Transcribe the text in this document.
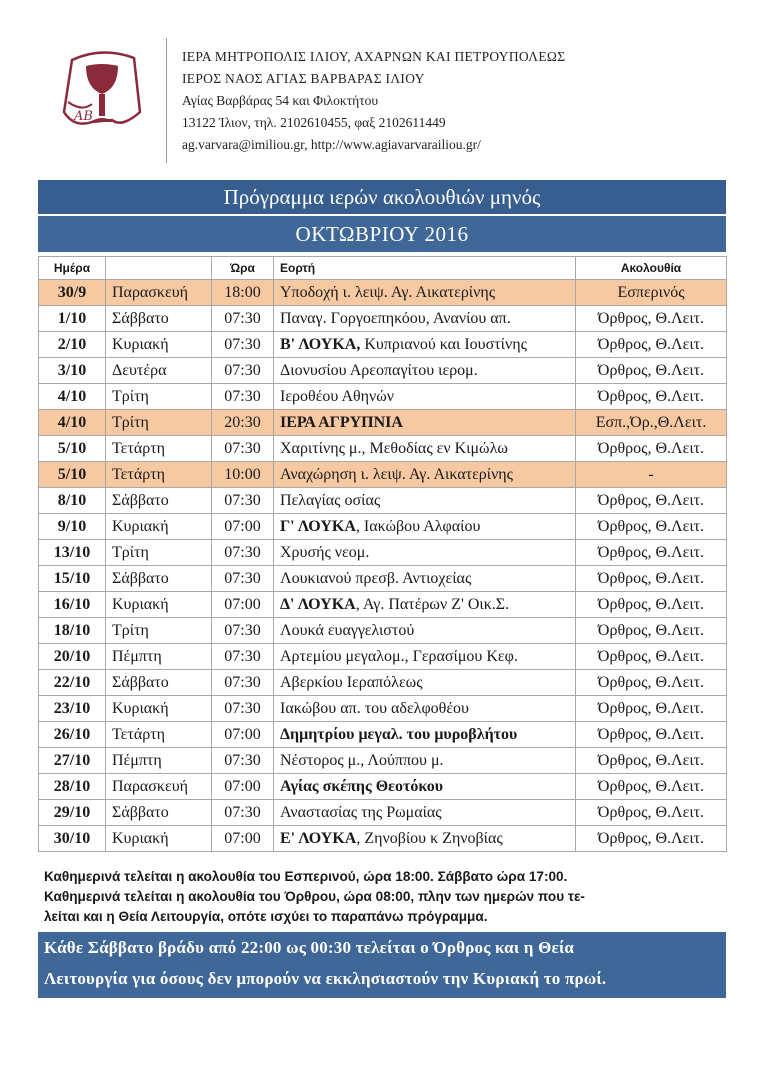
ΑΒ
ΙΕΡΑ ΜΗΤΡΟΠΟΛΙΣ ΙΛΙΟΥ, ΑΧΑΡΝΩΝ ΚΑΙ ΠΕΤΡΟΥΠΟΛΕΩΣ
ΙΕΡΟΣ ΝΑΟΣ ΑΓΙΑΣ ΒΑΡΒΑΡΑΣ ΙΛΙΟΥ
Αγίας Βαρβάρας 54 και Φιλοκτήτου
13122 Ίλιον, τηλ. 2102610455, φαξ 2102611449
ag.varvara@imiliou.gr, http://www.agiavarvarailiou.gr/
Πρόγραμμα ιερών ακολουθιών μηνός
ΟΚΤΩΒΡΙΟΥ 2016
Ημέρα		Ώρα	Εορτή	Ακολουθία
30/9	Παρασκευή	18:00	Υποδοχή ι. λειψ. Αγ. Αικατερίνης	Εσπερινός
1/10	Σάββατο	07:30	Παναγ. Γοργοεπηκόου, Ανανίου απ.	Όρθρος, Θ.Λειτ.
2/10	Κυριακή	07:30	Β' ΛΟΥΚΑ, Κυπριανού και Ιουστίνης	Όρθρος, Θ.Λειτ.
3/10	Δευτέρα	07:30	Διονυσίου Αρεοπαγίτου ιερομ.	Όρθρος, Θ.Λειτ.
4/10	Τρίτη	07:30	Ιεροθέου Αθηνών	Όρθρος, Θ.Λειτ.
4/10	Τρίτη	20:30	ΙΕΡΑ ΑΓΡΥΠΝΙΑ	Εσπ.,Όρ.,Θ.Λειτ.
5/10	Τετάρτη	07:30	Χαριτίνης μ., Μεθοδίας εν Κιμώλω	Όρθρος, Θ.Λειτ.
5/10	Τετάρτη	10:00	Αναχώρηση ι. λειψ. Αγ. Αικατερίνης	-
8/10	Σάββατο	07:30	Πελαγίας οσίας	Όρθρος, Θ.Λειτ.
9/10	Κυριακή	07:00	Γ' ΛΟΥΚΑ, Ιακώβου Αλφαίου	Όρθρος, Θ.Λειτ.
13/10	Τρίτη	07:30	Χρυσής νεομ.	Όρθρος, Θ.Λειτ.
15/10	Σάββατο	07:30	Λουκιανού πρεσβ. Αντιοχείας	Όρθρος, Θ.Λειτ.
16/10	Κυριακή	07:00	Δ' ΛΟΥΚΑ, Αγ. Πατέρων Ζ' Οικ.Σ.	Όρθρος, Θ.Λειτ.
18/10	Τρίτη	07:30	Λουκά ευαγγελιστού	Όρθρος, Θ.Λειτ.
20/10	Πέμπτη	07:30	Αρτεμίου μεγαλομ., Γερασίμου Κεφ.	Όρθρος, Θ.Λειτ.
22/10	Σάββατο	07:30	Αβερκίου Ιεραπόλεως	Όρθρος, Θ.Λειτ.
23/10	Κυριακή	07:30	Ιακώβου απ. του αδελφοθέου	Όρθρος, Θ.Λειτ.
26/10	Τετάρτη	07:00	Δημητρίου μεγαλ. του μυροβλήτου	Όρθρος, Θ.Λειτ.
27/10	Πέμπτη	07:30	Νέστορος μ., Λούππου μ.	Όρθρος, Θ.Λειτ.
28/10	Παρασκευή	07:00	Αγίας σκέπης Θεοτόκου	Όρθρος, Θ.Λειτ.
29/10	Σάββατο	07:30	Αναστασίας της Ρωμαίας	Όρθρος, Θ.Λειτ.
30/10	Κυριακή	07:00	Ε' ΛΟΥΚΑ, Ζηνοβίου κ Ζηνοβίας	Όρθρος, Θ.Λειτ.
Καθημερινά τελείται η ακολουθία του Εσπερινού, ώρα 18:00. Σάββατο ώρα 17:00.
Καθημερινά τελείται η ακολουθία του Όρθρου, ώρα 08:00, πλην των ημερών που τε-
λείται και η Θεία Λειτουργία, οπότε ισχύει το παραπάνω πρόγραμμα.
Κάθε Σάββατο βράδυ από 22:00 ως 00:30 τελείται ο Όρθρος και η Θεία
Λειτουργία για όσους δεν μπορούν να εκκλησιαστούν την Κυριακή το πρωί.
